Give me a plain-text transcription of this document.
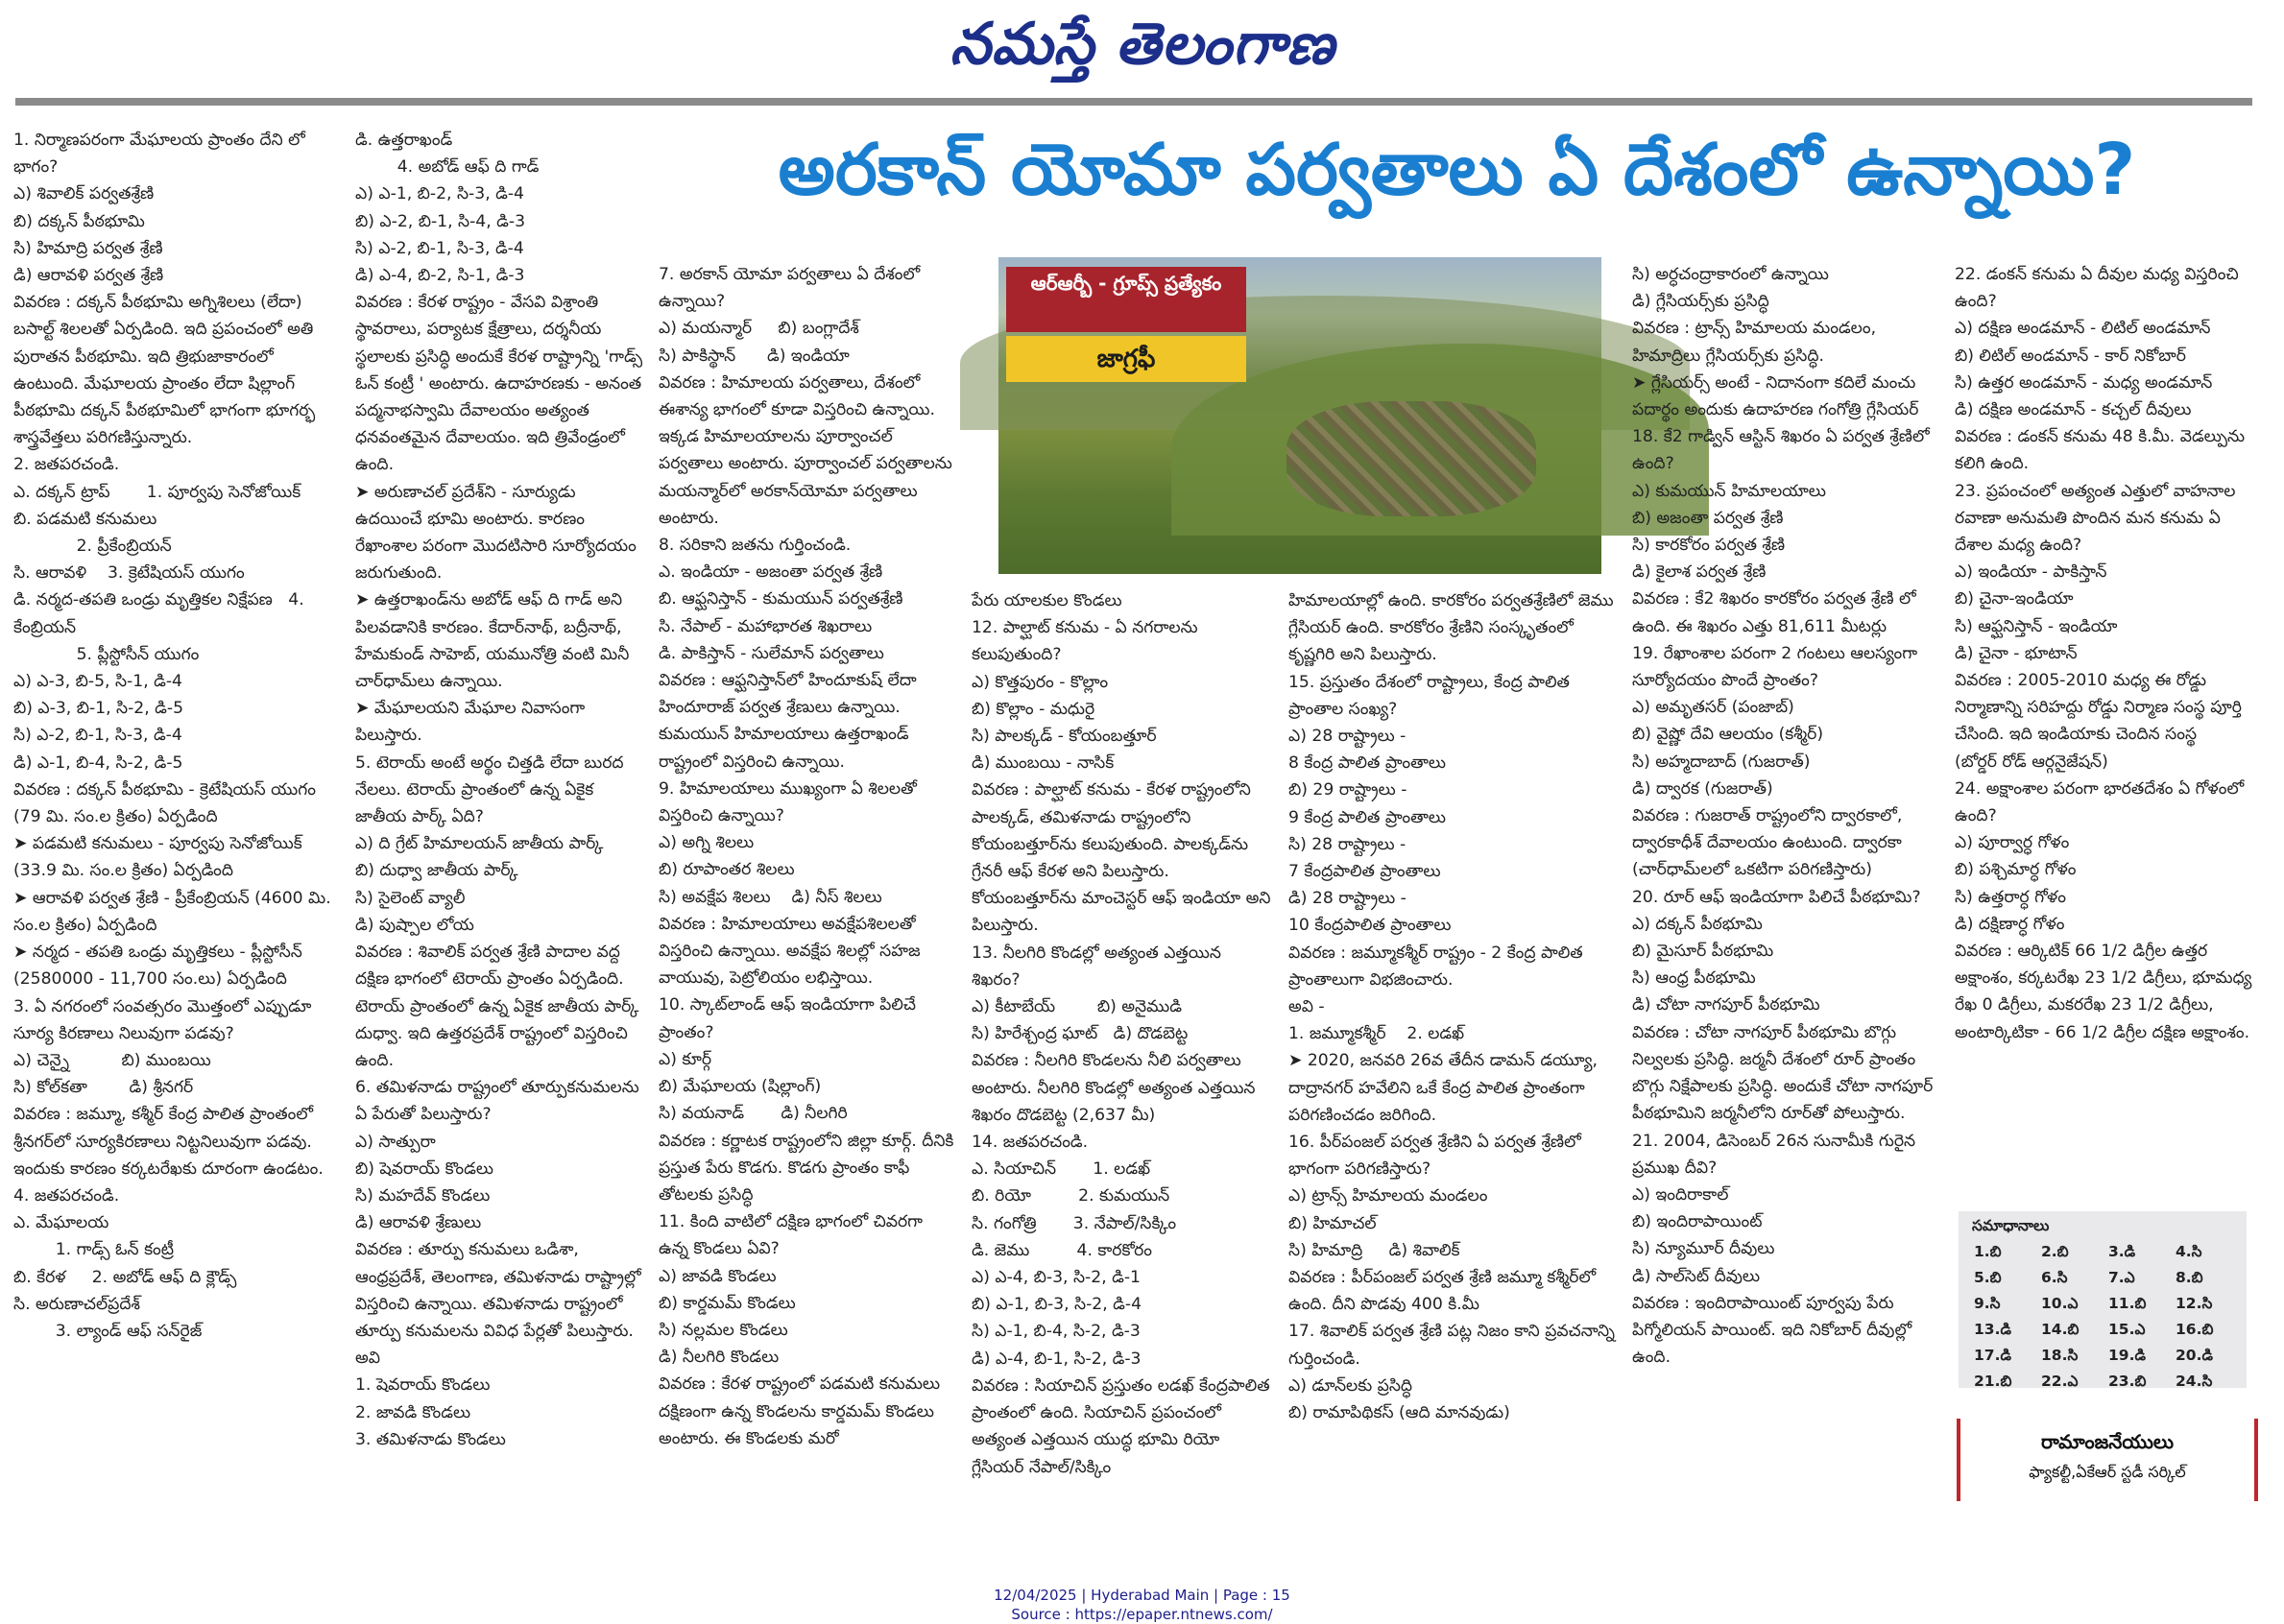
నమస్తే తెలంగాణ
అరకాన్ యోమా పర్వతాలు ఏ దేశంలో ఉన్నాయి?
ఆర్ఆర్బీ - గ్రూప్స్ ప్రత్యేకం
జాగ్రఫీ

1. నిర్మాణపరంగా మేఘాలయ ప్రాంతం దేని లో భాగం?

ఎ) శివాలిక్ పర్వతశ్రేణి

బి) దక్కన్ పీఠభూమి

సి) హిమాద్రి పర్వత శ్రేణి

డి) ఆరావళి పర్వత శ్రేణి

వివరణ : దక్కన్ పీఠభూమి అగ్నిశిలలు (లేదా) బసాల్ట్ శిలలతో ఏర్పడింది. ఇది ప్రపంచంలో అతి పురాతన పీఠభూమి. ఇది త్రిభుజాకారంలో ఉంటుంది. మేఘాలయ ప్రాంతం లేదా షిల్లాంగ్ పీఠభూమి దక్కన్ పీఠభూమిలో భాగంగా భూగర్భ శాస్త్రవేత్తలు పరిగణిస్తున్నారు.

2. జతపరచండి.

ఎ. దక్కన్ ట్రాప్       1. పూర్వపు సెనోజోయిక్

బి. పడమటి కనుమలు

2. ప్రీకేంబ్రియన్

సి. ఆరావళి    3. క్రెటేషియస్ యుగం

డి. నర్మద-తపతి ఒండ్రు మృత్తికల నిక్షేపణ   4. కేంబ్రియన్

5. ప్లీస్టోసీన్ యుగం

ఎ) ఎ-3, బి-5, సి-1, డి-4

బి) ఎ-3, బి-1, సి-2, డి-5

సి) ఎ-2, బి-1, సి-3, డి-4

డి) ఎ-1, బి-4, సి-2, డి-5

వివరణ : దక్కన్ పీఠభూమి - క్రెటేషియస్ యుగం (79 మి. సం.ల క్రితం) ఏర్పడింది

➤ పడమటి కనుమలు - పూర్వపు సెనోజోయిక్ (33.9 మి. సం.ల క్రితం) ఏర్పడింది

➤ ఆరావళి పర్వత శ్రేణి - ప్రీకేంబ్రియన్ (4600 మి. సం.ల క్రితం) ఏర్పడింది

➤ నర్మద - తపతి ఒండ్రు మృత్తికలు - ప్లీస్టోసీన్ (2580000 - 11,700 సం.లు) ఏర్పడింది

3. ఏ నగరంలో సంవత్సరం మొత్తంలో ఎప్పుడూ సూర్య కిరణాలు నిలువుగా పడవు?

ఎ) చెన్నై          బి) ముంబయి

సి) కోల్‌కతా        డి) శ్రీనగర్

వివరణ : జమ్మూ, కశ్మీర్ కేంద్ర పాలిత ప్రాంతంలో శ్రీనగర్‌లో సూర్యకిరణాలు నిట్టనిలువుగా పడవు. ఇందుకు కారణం కర్కటరేఖకు దూరంగా ఉండటం.

4. జతపరచండి.

ఎ. మేఘాలయ

1. గాడ్స్ ఓన్ కంట్రీ

బి. కేరళ     2. అబోడ్ ఆఫ్ ది క్లౌడ్స్

సి. అరుణాచల్‌ప్రదేశ్

3. ల్యాండ్ ఆఫ్ సన్‌రైజ్

డి. ఉత్తరాఖండ్

4. అబోడ్ ఆఫ్ ది గాడ్

ఎ) ఎ-1, బి-2, సి-3, డి-4

బి) ఎ-2, బి-1, సి-4, డి-3

సి) ఎ-2, బి-1, సి-3, డి-4

డి) ఎ-4, బి-2, సి-1, డి-3

వివరణ : కేరళ రాష్ట్రం - వేసవి విశ్రాంతి స్థావరాలు, పర్యాటక క్షేత్రాలు, దర్శనీయ స్థలాలకు ప్రసిద్ధి అందుకే కేరళ రాష్ట్రాన్ని 'గాడ్స్ ఓన్ కంట్రీ ' అంటారు. ఉదాహరణకు - అనంత పద్మనాభస్వామి దేవాలయం అత్యంత ధనవంతమైన దేవాలయం. ఇది త్రివేండ్రంలో ఉంది.

➤ అరుణాచల్ ప్రదేశ్‌ని - సూర్యుడు ఉదయించే భూమి అంటారు. కారణం రేఖాంశాల పరంగా మొదటిసారి సూర్యోదయం జరుగుతుంది.

➤ ఉత్తరాఖండ్‌ను అబోడ్ ఆఫ్ ది గాడ్ అని పిలవడానికి కారణం. కేదార్‌నాథ్, బద్రీనాథ్, హేమకుండ్ సాహెబ్, యమునోత్రి వంటి మినీ చార్‌ధామ్‌లు ఉన్నాయి.

➤ మేఘాలయని మేఘాల నివాసంగా పిలుస్తారు.

5. టెరాయ్ అంటే అర్థం చిత్తడి లేదా బురద నేలలు. టెరాయ్ ప్రాంతంలో ఉన్న ఏకైక జాతీయ పార్క్ ఏది?

ఎ) ది గ్రేట్ హిమాలయన్ జాతీయ పార్క్

బి) దుధ్వా జాతీయ పార్క్

సి) సైలెంట్ వ్యాలీ

డి) పుష్పాల లోయ

వివరణ : శివాలిక్ పర్వత శ్రేణి పాదాల వద్ద దక్షిణ భాగంలో టెరాయ్ ప్రాంతం ఏర్పడింది. టెరాయ్ ప్రాంతంలో ఉన్న ఏకైక జాతీయ పార్క్ దుధ్వా. ఇది ఉత్తరప్రదేశ్ రాష్ట్రంలో విస్తరించి ఉంది.

6. తమిళనాడు రాష్ట్రంలో తూర్పుకనుమలను ఏ పేరుతో పిలుస్తారు?

ఎ) సాత్పురా

బి) షెవరాయ్ కొండలు

సి) మహదేవ్ కొండలు

డి) ఆరావళి శ్రేణులు

వివరణ : తూర్పు కనుమలు ఒడిశా, ఆంధ్రప్రదేశ్, తెలంగాణ, తమిళనాడు రాష్ట్రాల్లో విస్తరించి ఉన్నాయి. తమిళనాడు రాష్ట్రంలో తూర్పు కనుమలను వివిధ పేర్లతో పిలుస్తారు. అవి

1. షెవరాయ్ కొండలు

2. జావడి కొండలు

3. తమిళనాడు కొండలు

7. అరకాన్ యోమా పర్వతాలు ఏ దేశంలో ఉన్నాయి?

ఎ) మయన్మార్     బి) బంగ్లాదేశ్

సి) పాకిస్థాన్      డి) ఇండియా

వివరణ : హిమాలయ పర్వతాలు, దేశంలో ఈశాన్య భాగంలో కూడా విస్తరించి ఉన్నాయి. ఇక్కడ హిమాలయాలను పూర్వాంచల్ పర్వతాలు అంటారు. పూర్వాంచల్ పర్వతాలను మయన్మార్‌లో అరకాన్‌యోమా పర్వతాలు అంటారు.

8. సరికాని జతను గుర్తించండి.

ఎ. ఇండియా - అజంతా పర్వత శ్రేణి

బి. ఆఫ్ఘనిస్తాన్ - కుమయున్ పర్వతశ్రేణి

సి. నేపాల్ - మహాభారత శిఖరాలు

డి. పాకిస్తాన్ - సులేమాన్ పర్వతాలు

వివరణ : ఆఫ్ఘనిస్తాన్‌లో హిందూకుష్ లేదా హిందూరాజ్ పర్వత శ్రేణులు ఉన్నాయి. కుమయున్ హిమాలయాలు ఉత్తరాఖండ్ రాష్ట్రంలో విస్తరించి ఉన్నాయి.

9. హిమాలయాలు ముఖ్యంగా ఏ శిలలతో విస్తరించి ఉన్నాయి?

ఎ) అగ్ని శిలలు

బి) రూపాంతర శిలలు

సి) అవక్షేప శిలలు    డి) నీస్ శిలలు

వివరణ : హిమాలయాలు అవక్షేపశిలలతో విస్తరించి ఉన్నాయి. అవక్షేప శిలల్లో సహజ వాయువు, పెట్రోలియం లభిస్తాయి.

10. స్కాట్‌లాండ్ ఆఫ్ ఇండియాగా పిలిచే ప్రాంతం?

ఎ) కూర్గ్

బి) మేఘాలయ (షిల్లాంగ్)

సి) వయనాడ్       డి) నీలగిరి

వివరణ : కర్ణాటక రాష్ట్రంలోని జిల్లా కూర్గ్. దీనికి ప్రస్తుత పేరు కొడగు. కొడగు ప్రాంతం కాఫీ తోటలకు ప్రసిద్ధి

11. కింది వాటిలో దక్షిణ భాగంలో చివరగా ఉన్న కొండలు ఏవి?

ఎ) జావడి కొండలు

బి) కార్డమమ్ కొండలు

సి) నల్లమల కొండలు

డి) నీలగిరి కొండలు

వివరణ : కేరళ రాష్ట్రంలో పడమటి కనుమలు దక్షిణంగా ఉన్న కొండలను కార్డమమ్ కొండలు అంటారు. ఈ కొండలకు మరో

పేరు యాలకుల కొండలు

12. పాల్ఘాట్ కనుమ - ఏ నగరాలను కలుపుతుంది?

ఎ) కొత్తపురం - కొల్లాం

బి) కొల్లాం - మధురై

సి) పాలక్కడ్ - కోయంబత్తూర్

డి) ముంబయి - నాసిక్

వివరణ : పాల్ఘాట్ కనుమ - కేరళ రాష్ట్రంలోని పాలక్కడ్, తమిళనాడు రాష్ట్రంలోని కోయంబత్తూర్‌ను కలుపుతుంది. పాలక్కడ్‌ను గ్రేనరీ ఆఫ్ కేరళ అని పిలుస్తారు. కోయంబత్తూర్‌ను మాంచెస్టర్ ఆఫ్ ఇండియా అని పిలుస్తారు.

13. నీలగిరి కొండల్లో అత్యంత ఎత్తయిన శిఖరం?

ఎ) కీటాబేయ్        బి) అనైముడి

సి) హిరేశ్చంద్ర ఘాట్   డి) దొడబెట్ట

వివరణ : నీలగిరి కొండలను నీలి పర్వతాలు అంటారు. నీలగిరి కొండల్లో అత్యంత ఎత్తయిన శిఖరం దొడబెట్ట (2,637 మీ)

14. జతపరచండి.

ఎ. సియాచిన్       1. లడఖ్

బి. రియో         2. కుమయున్

సి. గంగోత్రి       3. నేపాల్/సిక్కిం

డి. జెము         4. కారకోరం

ఎ) ఎ-4, బి-3, సి-2, డి-1

బి) ఎ-1, బి-3, సి-2, డి-4

సి) ఎ-1, బి-4, సి-2, డి-3

డి) ఎ-4, బి-1, సి-2, డి-3

వివరణ : సియాచిన్ ప్రస్తుతం లడఖ్ కేంద్రపాలిత ప్రాంతంలో ఉంది. సియాచిన్ ప్రపంచంలో అత్యంత ఎత్తయిన యుద్ధ భూమి రియో గ్లేసియర్ నేపాల్/సిక్కిం

హిమాలయాల్లో ఉంది. కారకోరం పర్వతశ్రేణిలో జెము గ్లేసియర్ ఉంది. కారకోరం శ్రేణిని సంస్కృతంలో కృష్ణగిరి అని పిలుస్తారు.

15. ప్రస్తుతం దేశంలో రాష్ట్రాలు, కేంద్ర పాలిత ప్రాంతాల సంఖ్య?

ఎ) 28 రాష్ట్రాలు -

8 కేంద్ర పాలిత ప్రాంతాలు

బి) 29 రాష్ట్రాలు -

9 కేంద్ర పాలిత ప్రాంతాలు

సి) 28 రాష్ట్రాలు -

7 కేంద్రపాలిత ప్రాంతాలు

డి) 28 రాష్ట్రాలు -

10 కేంద్రపాలిత ప్రాంతాలు

వివరణ : జమ్మూకశ్మీర్ రాష్ట్రం - 2 కేంద్ర పాలిత ప్రాంతాలుగా విభజించారు.

అవి -

1. జమ్మూకశ్మీర్    2. లడఖ్

➤ 2020, జనవరి 26వ తేదీన డామన్ డయ్యూ, దాద్రానగర్ హవేలిని ఒకే కేంద్ర పాలిత ప్రాంతంగా పరిగణించడం జరిగింది.

16. పీర్‌పంజల్ పర్వత శ్రేణిని ఏ పర్వత శ్రేణిలో భాగంగా పరిగణిస్తారు?

ఎ) ట్రాన్స్ హిమాలయ మండలం

బి) హిమాచల్

సి) హిమాద్రి     డి) శివాలిక్

వివరణ : పీర్‌పంజల్ పర్వత శ్రేణి జమ్మూ కశ్మీర్‌లో ఉంది. దీని పొడవు 400 కి.మీ

17. శివాలిక్ పర్వత శ్రేణి పట్ల నిజం కాని ప్రవచనాన్ని గుర్తించండి.

ఎ) డూన్‌లకు ప్రసిద్ధి

బి) రామాపిథికస్ (ఆది మానవుడు)

సి) అర్ధచంద్రాకారంలో ఉన్నాయి

డి) గ్లేసియర్స్‌కు ప్రసిద్ధి

వివరణ : ట్రాన్స్ హిమాలయ మండలం, హిమాద్రిలు గ్లేసియర్స్‌కు ప్రసిద్ధి.

➤ గ్లేసియర్స్ అంటే - నిదానంగా కదిలే మంచు పదార్థం అందుకు ఉదాహరణ గంగోత్రి గ్లేసియర్

18. కే2 గాడ్విన్ ఆస్టిన్ శిఖరం ఏ పర్వత శ్రేణిలో ఉంది?

ఎ) కుమయున్ హిమాలయాలు

బి) అజంతా పర్వత శ్రేణి

సి) కారకోరం పర్వత శ్రేణి

డి) కైలాశ పర్వత శ్రేణి

వివరణ : కే2 శిఖరం కారకోరం పర్వత శ్రేణి లో ఉంది. ఈ శిఖరం ఎత్తు 81,611 మీటర్లు

19. రేఖాంశాల పరంగా 2 గంటలు ఆలస్యంగా సూర్యోదయం పొందే ప్రాంతం?

ఎ) అమృతసర్ (పంజాబ్)

బి) వైష్ణో దేవి ఆలయం (కశ్మీర్)

సి) అహ్మదాబాద్ (గుజరాత్)

డి) ద్వారక (గుజరాత్)

వివరణ : గుజరాత్ రాష్ట్రంలోని ద్వారకాలో, ద్వారకాధీశ్ దేవాలయం ఉంటుంది. ద్వారకా (చార్‌ధామ్‌లలో ఒకటిగా పరిగణిస్తారు)

20. రూర్ ఆఫ్ ఇండియాగా పిలిచే పీఠభూమి?

ఎ) దక్కన్ పీఠభూమి

బి) మైసూర్ పీఠభూమి

సి) ఆంధ్ర పీఠభూమి

డి) చోటా నాగపూర్ పీఠభూమి

వివరణ : చోటా నాగపూర్ పీఠభూమి బొగ్గు నిల్వలకు ప్రసిద్ధి. జర్మనీ దేశంలో రూర్ ప్రాంతం బొగ్గు నిక్షేపాలకు ప్రసిద్ధి. అందుకే చోటా నాగపూర్ పీఠభూమిని జర్మనీలోని రూర్‌తో పోలుస్తారు.

21. 2004, డిసెంబర్ 26న సునామీకి గురైన ప్రముఖ దీవి?

ఎ) ఇందిరాకాల్

బి) ఇందిరాపాయింట్

సి) న్యూమూర్ దీవులు

డి) సాల్‌సెట్ దీవులు

వివరణ : ఇందిరాపాయింట్ పూర్వపు పేరు పిగ్మోలియన్ పాయింట్. ఇది నికోబార్ దీవుల్లో ఉంది.

22. డంకన్ కనుమ ఏ దీవుల మధ్య విస్తరించి ఉంది?

ఎ) దక్షిణ అండమాన్ - లిటిల్ అండమాన్

బి) లిటిల్ అండమాన్ - కార్ నికోబార్

సి) ఉత్తర అండమాన్ - మధ్య అండమాన్

డి) దక్షిణ అండమాన్ - కచ్చల్ దీవులు

వివరణ : డంకన్ కనుమ 48 కి.మీ. వెడల్పును కలిగి ఉంది.

23. ప్రపంచంలో అత్యంత ఎత్తులో వాహనాల రవాణా అనుమతి పొందిన మన కనుమ ఏ దేశాల మధ్య ఉంది?

ఎ) ఇండియా - పాకిస్తాన్

బి) చైనా-ఇండియా

సి) ఆఫ్ఘనిస్తాన్ - ఇండియా

డి) చైనా - భూటాన్

వివరణ : 2005-2010 మధ్య ఈ రోడ్డు నిర్మాణాన్ని సరిహద్దు రోడ్డు నిర్మాణ సంస్థ పూర్తి చేసింది. ఇది ఇండియాకు చెందిన సంస్థ

(బోర్డర్ రోడ్ ఆర్గనైజేషన్)

24. అక్షాంశాల పరంగా భారతదేశం ఏ గోళంలో ఉంది?

ఎ) పూర్వార్ధ గోళం

బి) పశ్చిమార్ధ గోళం

సి) ఉత్తరార్ధ గోళం

డి) దక్షిణార్ధ గోళం

వివరణ : ఆర్కిటిక్ 66 1/2 డిగ్రీల ఉత్తర అక్షాంశం, కర్కటరేఖ 23 1/2 డిగ్రీలు, భూమధ్య రేఖ 0 డిగ్రీలు, మకరరేఖ 23 1/2 డిగ్రీలు, అంటార్కిటికా - 66 1/2 డిగ్రీల దక్షిణ అక్షాంశం.

సమాధానాలు
1.బి	2.బి	3.డి	4.సి
5.బి	6.సి	7.ఎ	8.బి
9.సి	10.ఎ	11.బి	12.సి
13.డి	14.బి	15.ఎ	16.బి
17.డి	18.సి	19.డి	20.డి
21.బి	22.ఎ	23.బి	24.సి
రామాంజనేయులు
ఫ్యాకల్టీ,ఏకేఆర్ స్టడీ సర్కిల్
12/04/2025 | Hyderabad Main | Page : 15
Source : https://epaper.ntnews.com/
